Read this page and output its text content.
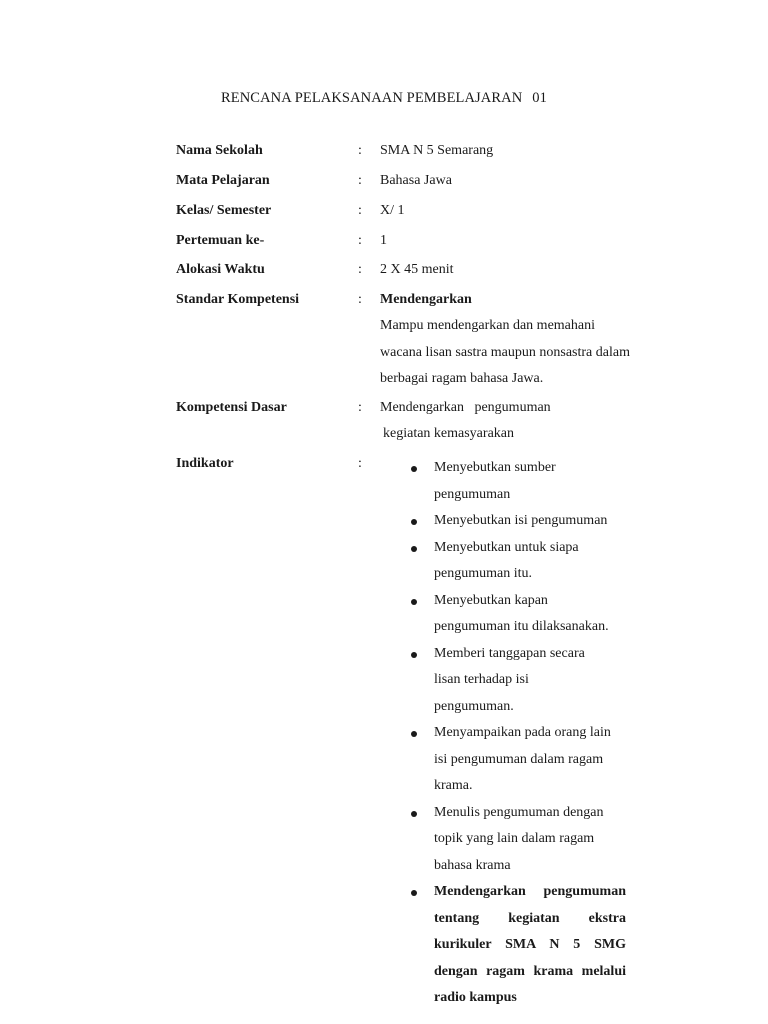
RENCANA PELAKSANAAN PEMBELAJARAN 01
Nama Sekolah	: SMA N 5 Semarang
Mata Pelajaran	: Bahasa Jawa
Kelas/ Semester	: X/ 1
Pertemuan ke-	: 1
Alokasi Waktu	: 2 X 45 menit
Standar Kompetensi	: Mendengarkan
Mampu mendengarkan dan memahani wacana lisan sastra maupun nonsastra dalam berbagai ragam bahasa Jawa.
Kompetensi Dasar	: Mendengarkan   pengumuman
kegiatan kemasyarakan
Indikator	:	Menyebutkan sumber pengumuman
Menyebutkan isi pengumuman
Menyebutkan untuk siapa pengumuman itu.
Menyebutkan kapan pengumuman itu dilaksanakan.
Memberi tanggapan secara lisan terhadap isi pengumuman.
Menyampaikan pada orang lain isi pengumuman dalam ragam krama.
Menulis pengumuman dengan topik yang lain dalam ragam bahasa krama
Mendengarkan pengumuman tentang kegiatan ekstra kurikuler SMA N 5 SMG dengan ragam krama melalui radio kampus
